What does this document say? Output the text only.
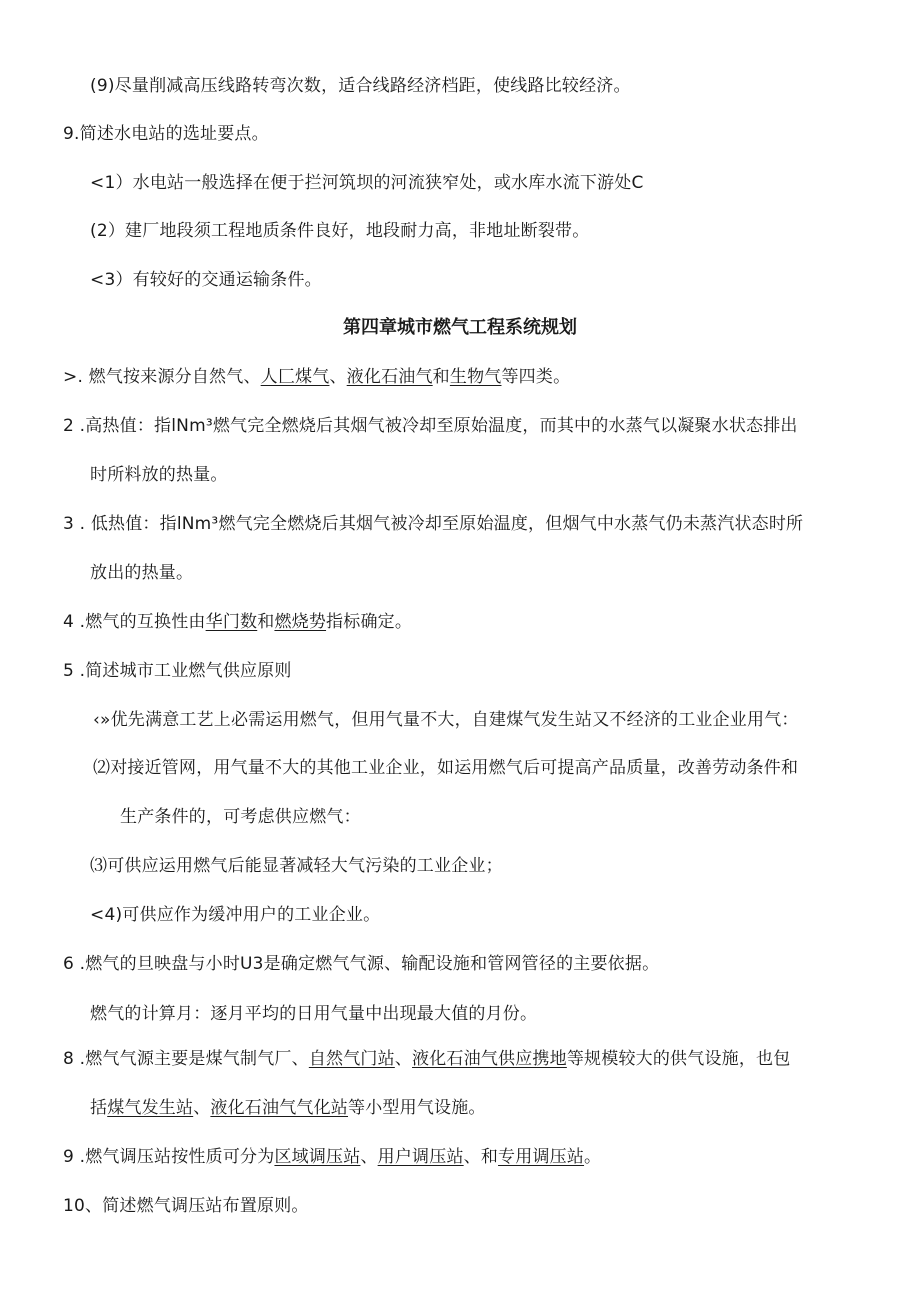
(9)尽量削减高压线路转弯次数，适合线路经济档距，使线路比较经济。

9.简述水电站的选址要点。

<1）水电站一般选择在便于拦河筑坝的河流狭窄处，或水库水流下游处C

(2）建厂地段须工程地质条件良好，地段耐力高，非地址断裂带。

<3）有较好的交通运输条件。

第四章城市燃气工程系统规划

>. 燃气按来源分自然气、人匚煤气、液化石油气和生物气等四类。

2 .高热值：指lNm³燃气完全燃烧后其烟气被冷却至原始温度，而其中的水蒸气以凝聚水状态排出

时所料放的热量。

3 . 低热值：指lNm³燃气完全燃烧后其烟气被冷却至原始温度，但烟气中水蒸气仍未蒸汽状态时所

放出的热量。

4 .燃气的互换性由华门数和燃烧势指标确定。

5 .简述城市工业燃气供应原则

‹»优先满意工艺上必需运用燃气，但用气量不大，自建煤气发生站又不经济的工业企业用气：

⑵对接近管网，用气量不大的其他工业企业，如运用燃气后可提高产品质量，改善劳动条件和

生产条件的，可考虑供应燃气：

⑶可供应运用燃气后能显著减轻大气污染的工业企业；

<4)可供应作为缓冲用户的工业企业。

6 .燃气的旦映盘与小时U3是确定燃气气源、输配设施和管网管径的主要依据。

燃气的计算月：逐月平均的日用气量中出现最大值的月份。

8 .燃气气源主要是煤气制气厂、自然气门站、液化石油气供应携地等规模较大的供气设施，也包

括煤气发生站、液化石油气气化站等小型用气设施。

9 .燃气调压站按性质可分为区域调压站、用户调压站、和专用调压站。

10、简述燃气调压站布置原则。
